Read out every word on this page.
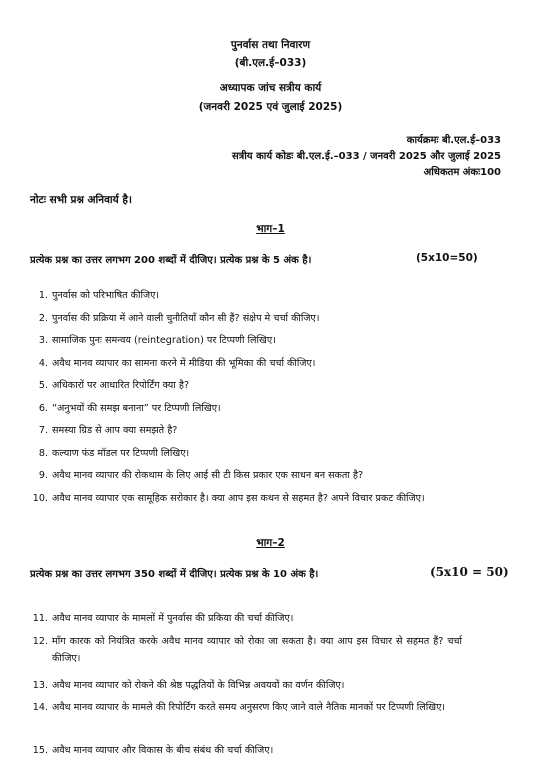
पुनर्वास तथा निवारण
(बी.एल.ई–033)
अध्यापक जांच सत्रीय कार्य
(जनवरी 2025 एवं जुलाई 2025)
कार्यक्रमः बी.एल.ई–033
सत्रीय कार्य कोडः बी.एल.ई.–033 / जनवरी 2025 और जुलाई 2025
अधिकतम अंकः100
नोटः सभी प्रश्न अनिवार्य है।
भाग–1
प्रत्येक प्रश्न का उत्तर लगभग 200 शब्दों में दीजिए। प्रत्येक प्रश्न के 5 अंक है।	(5x10=50)
1. पुनर्वास को परिभाषित कीजिए।
2. पुनर्वास की प्रक्रिया में आने वाली चुनौतियाँ कौन सी हैं? संक्षेप मे चर्चा कीजिए।
3. सामाजिक पुनः समन्वय (reintegration) पर टिप्पणी लिखिए।
4. अवैध मानव व्यापार का सामना करने में मीडिया की भूमिका की चर्चा कीजिए।
5. अधिकारों पर आधारित रिपोर्टिंग क्या है?
6. “अनुभवों की समझ बनाना” पर टिप्पणी लिखिए।
7. समस्या ग्रिड से आप क्या समझते है?
8. कल्याण फंड मॉडल पर टिप्पणी लिखिए।
9. अवैध मानव व्यापार की रोकथाम के लिए आई सी टी किस प्रकार एक साधन बन सकता है?
10. अवैध मानव व्यापार एक सामूहिक सरोकार है। क्या आप इस कथन से सहमत है? अपने विचार प्रकट कीजिए।
भाग–2
प्रत्येक प्रश्न का उत्तर लगभग 350 शब्दों में दीजिए। प्रत्येक प्रश्न के 10 अंक है।	(5x10 = 50)
11. अवैध मानव व्यापार के मामलों में पुनर्वास की प्रकिया की चर्चा कीजिए।
12. माँग कारक को नियंत्रित करके अवैध मानव व्यापार को रोका जा सकता है। क्या आप इस विचार से सहमत हैं? चर्चा कीजिए।
13. अवैध मानव व्यापार को रोकने की श्रेष्ठ पद्धतियों के विभिन्न अवयवों का वर्णन कीजिए।
14. अवैध मानव व्यापार के मामले की रिपोर्टिंग करते समय अनुसरण किए जाने वाले नैतिक मानकों पर टिप्पणी लिखिए।
15. अवैध मानव व्यापार और विकास के बीच संबंध की चर्चा कीजिए।
